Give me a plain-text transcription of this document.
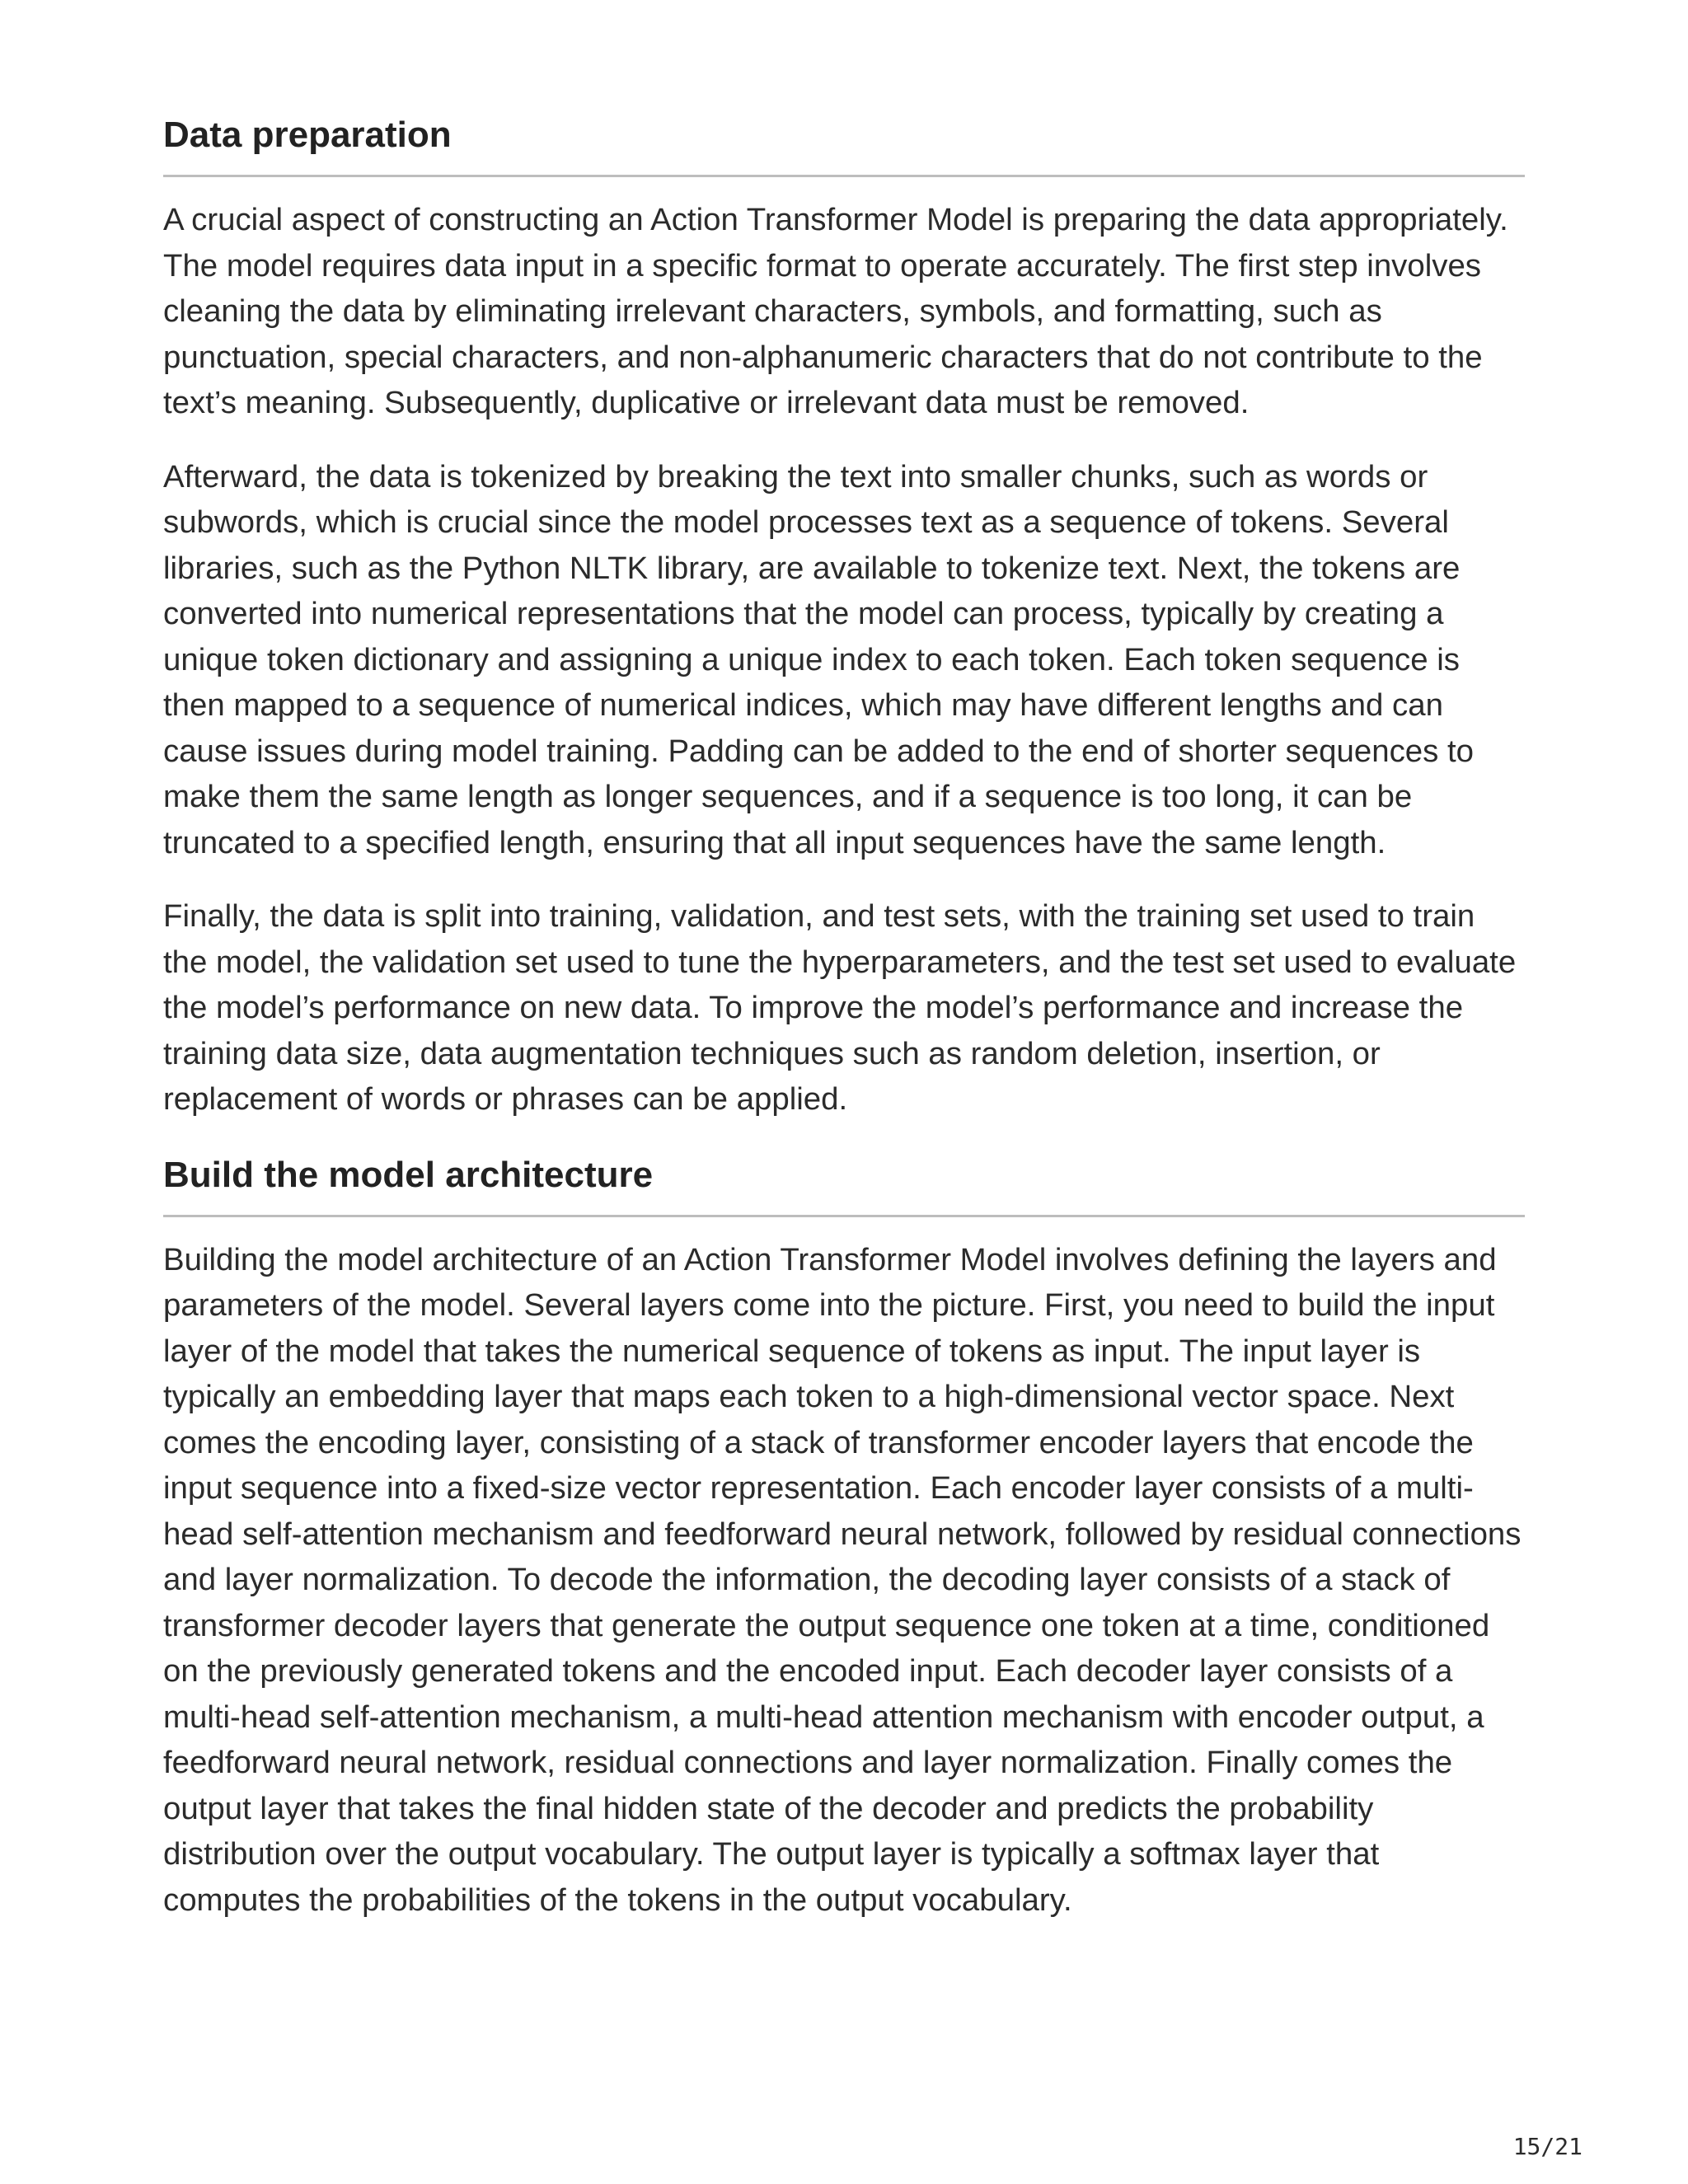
Data preparation

A crucial aspect of constructing an Action Transformer Model is preparing the data appropriately. The model requires data input in a specific format to operate accurately. The first step involves cleaning the data by eliminating irrelevant characters, symbols, and formatting, such as punctuation, special characters, and non-alphanumeric characters that do not contribute to the text’s meaning. Subsequently, duplicative or irrelevant data must be removed.

Afterward, the data is tokenized by breaking the text into smaller chunks, such as words or subwords, which is crucial since the model processes text as a sequence of tokens. Several libraries, such as the Python NLTK library, are available to tokenize text. Next, the tokens are converted into numerical representations that the model can process, typically by creating a unique token dictionary and assigning a unique index to each token. Each token sequence is then mapped to a sequence of numerical indices, which may have different lengths and can cause issues during model training. Padding can be added to the end of shorter sequences to make them the same length as longer sequences, and if a sequence is too long, it can be truncated to a specified length, ensuring that all input sequences have the same length.

Finally, the data is split into training, validation, and test sets, with the training set used to train the model, the validation set used to tune the hyperparameters, and the test set used to evaluate the model’s performance on new data. To improve the model’s performance and increase the training data size, data augmentation techniques such as random deletion, insertion, or replacement of words or phrases can be applied.

Build the model architecture

Building the model architecture of an Action Transformer Model involves defining the layers and parameters of the model. Several layers come into the picture. First, you need to build the input layer of the model that takes the numerical sequence of tokens as input. The input layer is typically an embedding layer that maps each token to a high-dimensional vector space. Next comes the encoding layer, consisting of a stack of transformer encoder layers that encode the input sequence into a fixed-size vector representation. Each encoder layer consists of a multi-head self-attention mechanism and feedforward neural network, followed by residual connections and layer normalization. To decode the information, the decoding layer consists of a stack of transformer decoder layers that generate the output sequence one token at a time, conditioned on the previously generated tokens and the encoded input. Each decoder layer consists of a multi-head self-attention mechanism, a multi-head attention mechanism with encoder output, a feedforward neural network, residual connections and layer normalization. Finally comes the output layer that takes the final hidden state of the decoder and predicts the probability distribution over the output vocabulary. The output layer is typically a softmax layer that computes the probabilities of the tokens in the output vocabulary.

15/21
